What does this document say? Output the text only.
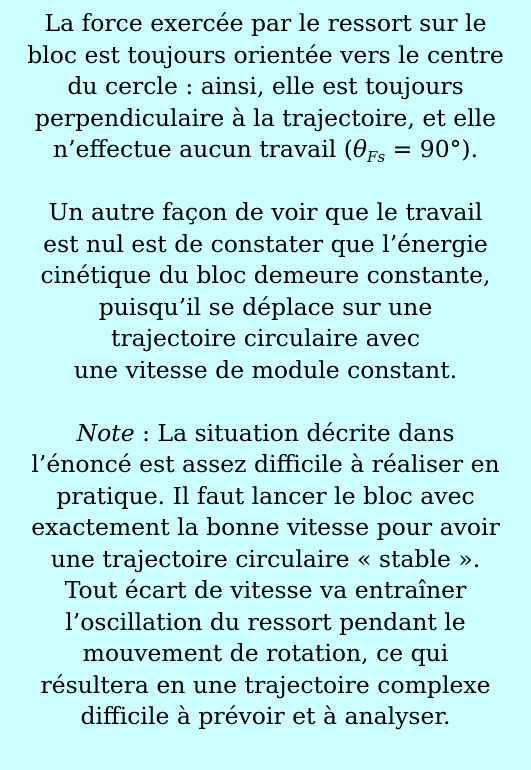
La force exercée par le ressort sur le
bloc est toujours orientée vers le centre
du cercle : ainsi, elle est toujours
perpendiculaire à la trajectoire, et elle
n’effectue aucun travail $(\theta_{Fs} = 90^\circ)$.

Un autre façon de voir que le travail
est nul est de constater que l’énergie
cinétique du bloc demeure constante,
puisqu’il se déplace sur une
trajectoire circulaire avec
une vitesse de module constant.

Note : La situation décrite dans
l’énoncé est assez difficile à réaliser en
pratique. Il faut lancer le bloc avec
exactement la bonne vitesse pour avoir
une trajectoire circulaire « stable ».
Tout écart de vitesse va entraîner
l’oscillation du ressort pendant le
mouvement de rotation, ce qui
résultera en une trajectoire complexe
difficile à prévoir et à analyser.
